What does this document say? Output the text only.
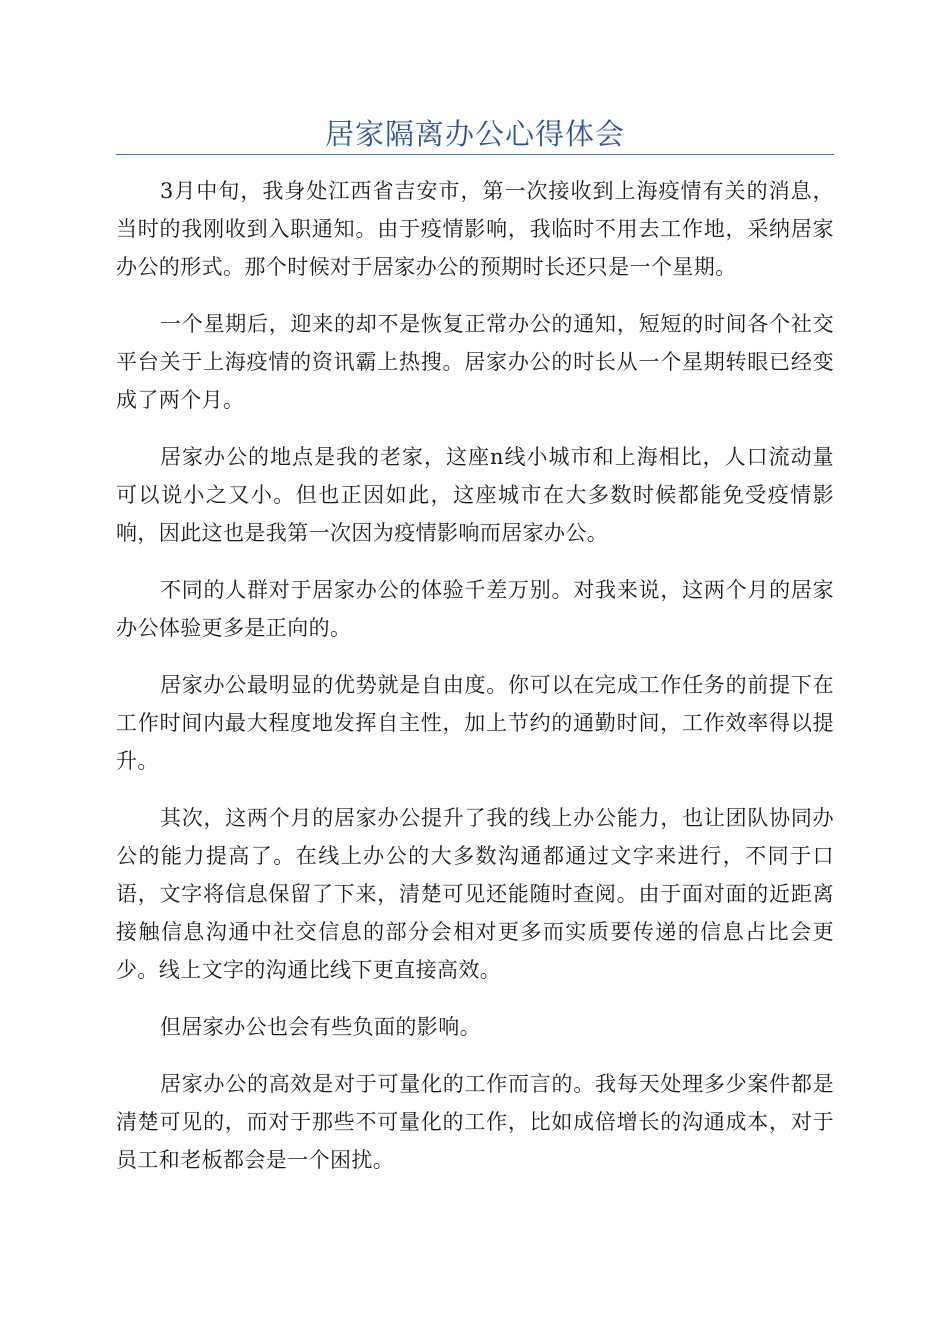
居家隔离办公心得体会

3月中旬，我身处江西省吉安市，第一次接收到上海疫情有关的消息，当时的我刚收到入职通知。由于疫情影响，我临时不用去工作地，采纳居家办公的形式。那个时候对于居家办公的预期时长还只是一个星期。

一个星期后，迎来的却不是恢复正常办公的通知，短短的时间各个社交平台关于上海疫情的资讯霸上热搜。居家办公的时长从一个星期转眼已经变成了两个月。

居家办公的地点是我的老家，这座n线小城市和上海相比，人口流动量可以说小之又小。但也正因如此，这座城市在大多数时候都能免受疫情影响，因此这也是我第一次因为疫情影响而居家办公。

不同的人群对于居家办公的体验千差万别。对我来说，这两个月的居家办公体验更多是正向的。

居家办公最明显的优势就是自由度。你可以在完成工作任务的前提下在工作时间内最大程度地发挥自主性，加上节约的通勤时间，工作效率得以提升。

其次，这两个月的居家办公提升了我的线上办公能力，也让团队协同办公的能力提高了。在线上办公的大多数沟通都通过文字来进行，不同于口语，文字将信息保留了下来，清楚可见还能随时查阅。由于面对面的近距离接触信息沟通中社交信息的部分会相对更多而实质要传递的信息占比会更少。线上文字的沟通比线下更直接高效。

但居家办公也会有些负面的影响。

居家办公的高效是对于可量化的工作而言的。我每天处理多少案件都是清楚可见的，而对于那些不可量化的工作，比如成倍增长的沟通成本，对于员工和老板都会是一个困扰。
